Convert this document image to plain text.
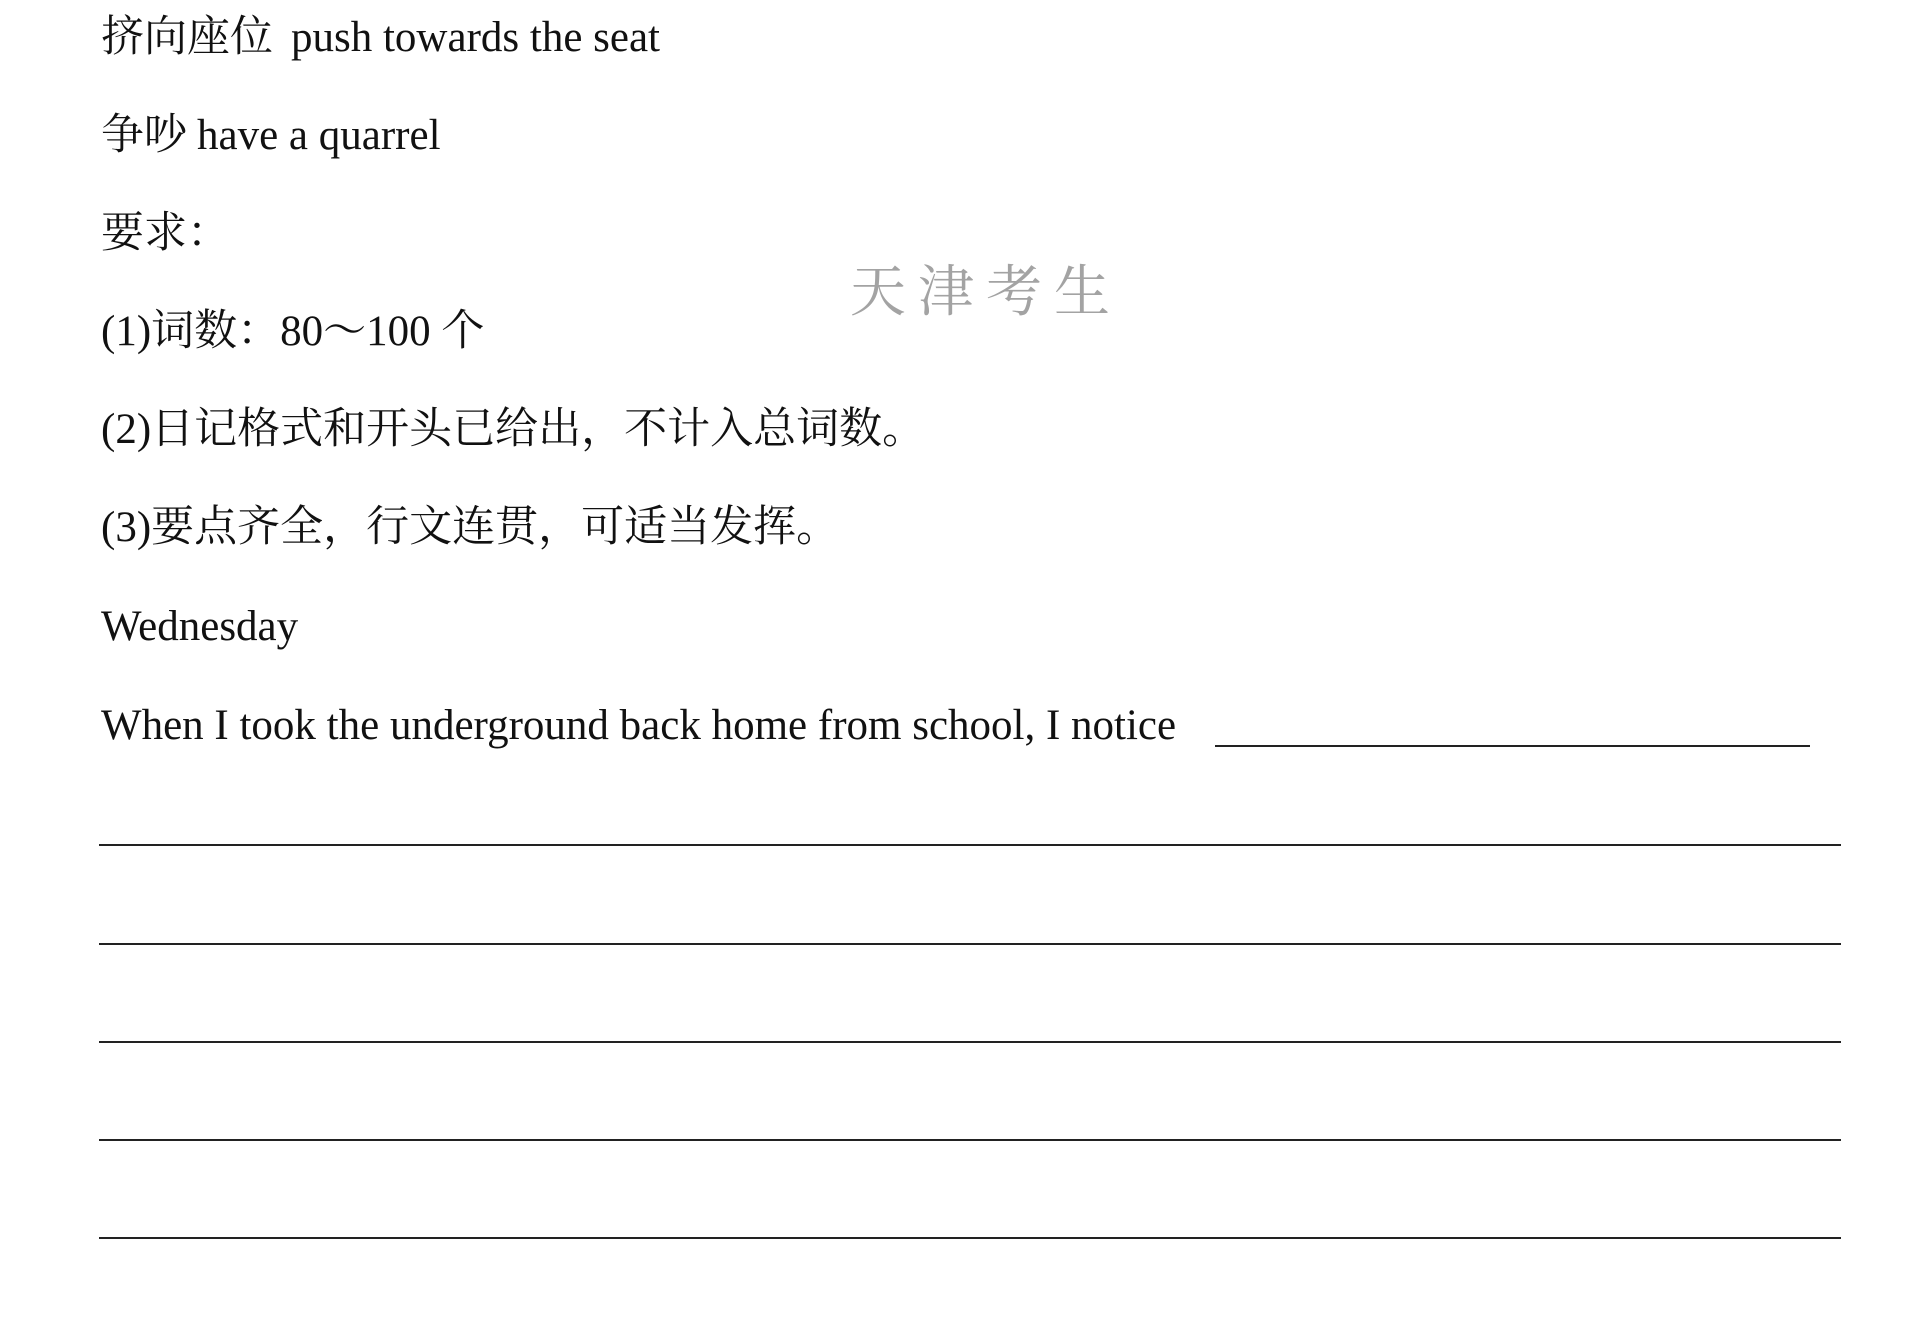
挤向座位 push towards the seat
争吵 have a quarrel
要求：
天津考生
(1)词数：80～100 个
(2)日记格式和开头已给出，不计入总词数。
(3)要点齐全，行文连贯，可适当发挥。
Wednesday
When I took the underground back home from school, I notice
